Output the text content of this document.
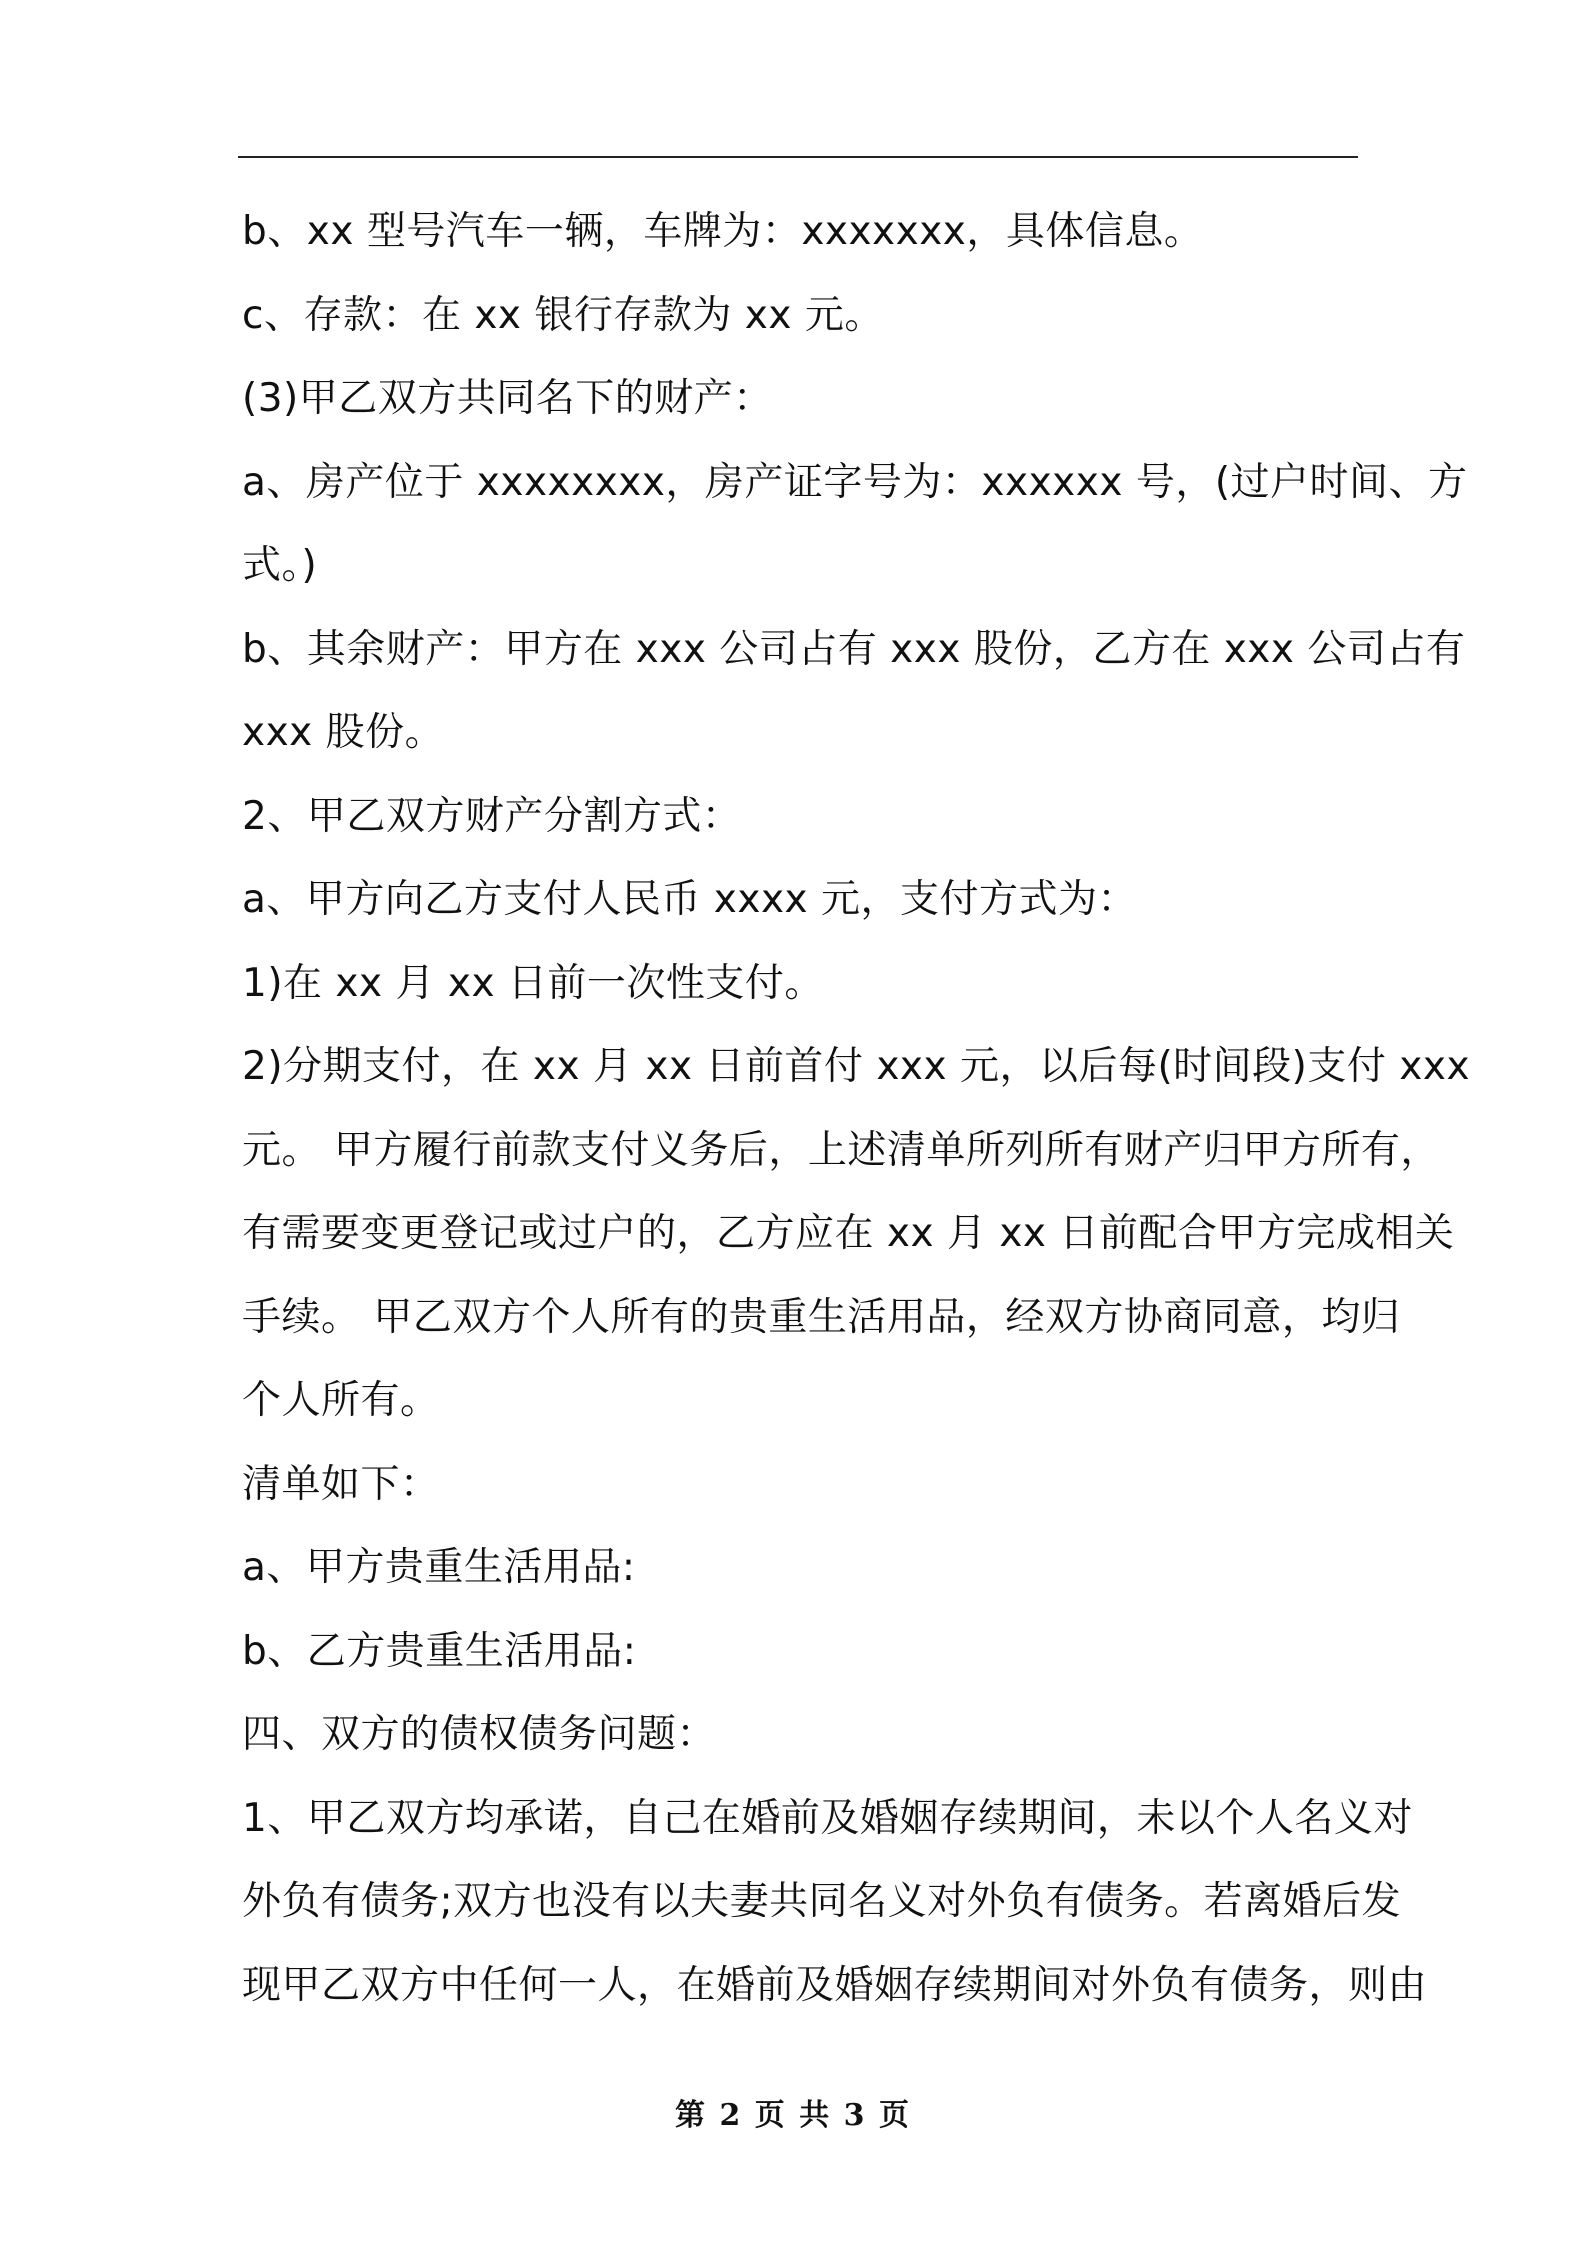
b、xx 型号汽车一辆，车牌为：xxxxxxx，具体信息。
c、存款：在 xx 银行存款为 xx 元。
(3)甲乙双方共同名下的财产：
a、房产位于 xxxxxxxx，房产证字号为：xxxxxx 号，(过户时间、方
式。)
b、其余财产：甲方在 xxx 公司占有 xxx 股份，乙方在 xxx 公司占有
xxx 股份。
2、甲乙双方财产分割方式：
a、甲方向乙方支付人民币 xxxx 元，支付方式为：
1)在 xx 月 xx 日前一次性支付。
2)分期支付，在 xx 月 xx 日前首付 xxx 元，以后每(时间段)支付 xxx
元。 甲方履行前款支付义务后，上述清单所列所有财产归甲方所有，
有需要变更登记或过户的，乙方应在 xx 月 xx 日前配合甲方完成相关
手续。 甲乙双方个人所有的贵重生活用品，经双方协商同意，均归
个人所有。
清单如下：
a、甲方贵重生活用品:
b、乙方贵重生活用品:
四、双方的债权债务问题：
1、甲乙双方均承诺，自己在婚前及婚姻存续期间，未以个人名义对
外负有债务;双方也没有以夫妻共同名义对外负有债务。若离婚后发
现甲乙双方中任何一人，在婚前及婚姻存续期间对外负有债务，则由
第 2 页 共 3 页
